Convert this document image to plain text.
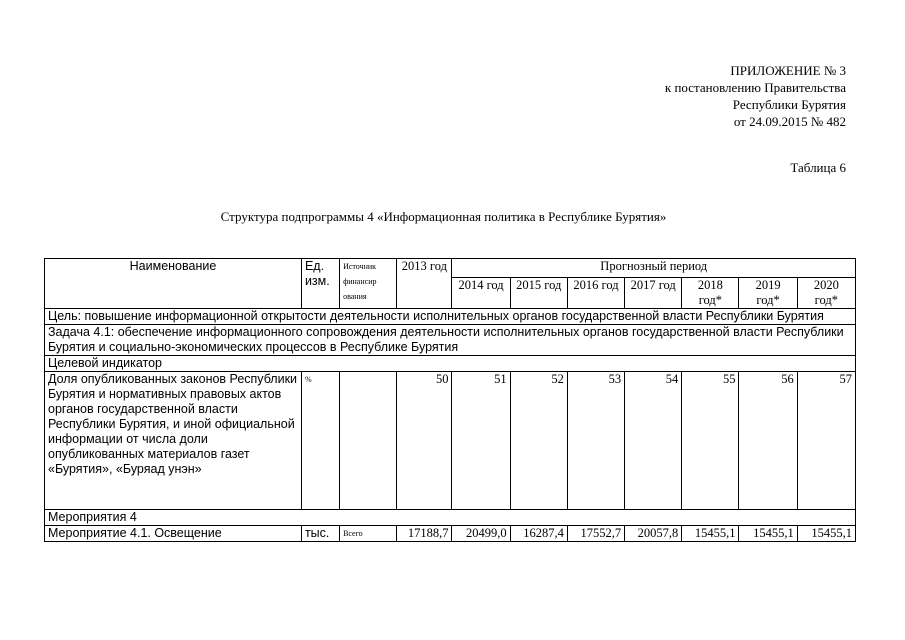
ПРИЛОЖЕНИЕ № 3
к постановлению Правительства
Республики Бурятия
от 24.09.2015 № 482
Таблица 6
Структура подпрограммы 4 «Информационная политика в Республике Бурятия»
Наименование	Ед. изм.	Источник финансир ования	2013 год	Прогнозный период						
				2014 год	2015 год	2016 год	2017 год	2018 год*	2019 год*	2020 год*
Цель: повышение информационной открытости деятельности исполнительных органов государственной власти Республики Бурятия										
Задача 4.1: обеспечение информационного сопровождения деятельности исполнительных органов государственной власти Республики Бурятия и социально-экономических процессов в Республике Бурятия										
Целевой индикатор										
Доля опубликованных законов Республики Бурятия и нормативных правовых актов органов государственной власти Республики Бурятия, и иной официальной информации от числа доли опубликованных материалов газет «Бурятия», «Буряад унэн»	%		50	51	52	53	54	55	56	57
Мероприятия 4										
Мероприятие 4.1. Освещение	тыс.	Всего	17188,7	20499,0	16287,4	17552,7	20057,8	15455,1	15455,1	15455,1
